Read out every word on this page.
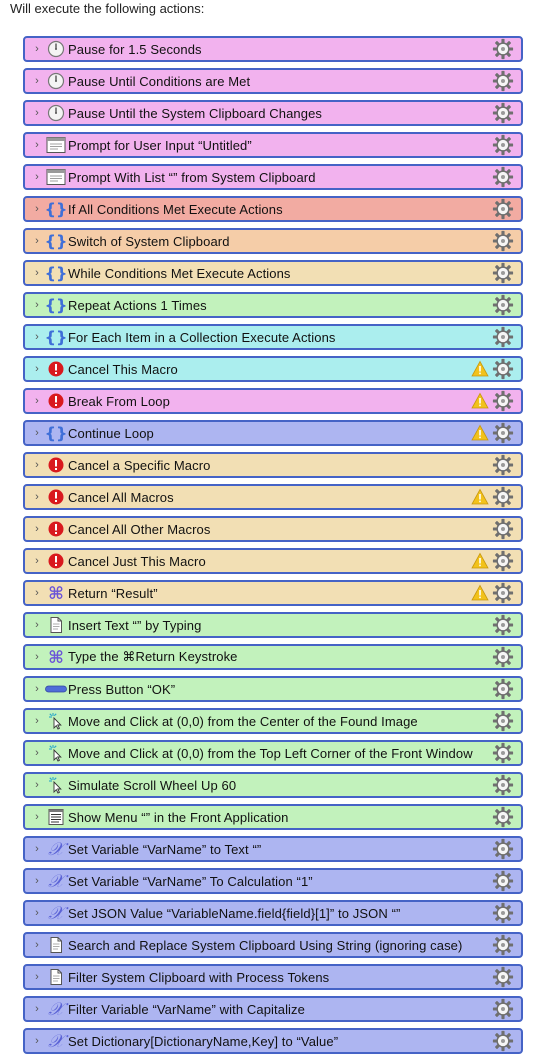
Will execute the following actions:
›	Pause for 1.5 Seconds
›	Pause Until Conditions are Met
›	Pause Until the System Clipboard Changes
›	Prompt for User Input “Untitled”
›	Prompt With List “” from System Clipboard
› {} If All Conditions Met Execute Actions
› {} Switch of System Clipboard
› {} While Conditions Met Execute Actions
› {} Repeat Actions 1 Times
› {} For Each Item in a Collection Execute Actions
›	Cancel This Macro
›	Break From Loop
› {} Continue Loop
›	Cancel a Specific Macro
›	Cancel All Macros
›	Cancel All Other Macros
›	Cancel Just This Macro
› ⌘ Return “Result”
›	Insert Text “” by Typing
› ⌘ Type the ⌘Return Keystroke
›	Press Button “OK”
›	Move and Click at (0,0) from the Center of the Found Image
›	Move and Click at (0,0) from the Top Left Corner of the Front Window
›	Simulate Scroll Wheel Up 60
›	Show Menu “” in the Front Application
› 𝒳 Set Variable “VarName” to Text “”
› 𝒳 Set Variable “VarName” To Calculation “1”
› 𝒳 Set JSON Value “VariableName.field{field}[1]” to JSON “”
›	Search and Replace System Clipboard Using String (ignoring case)
›	Filter System Clipboard with Process Tokens
› 𝒳 Filter Variable “VarName” with Capitalize
› 𝒳 Set Dictionary[DictionaryName,Key] to “Value”
